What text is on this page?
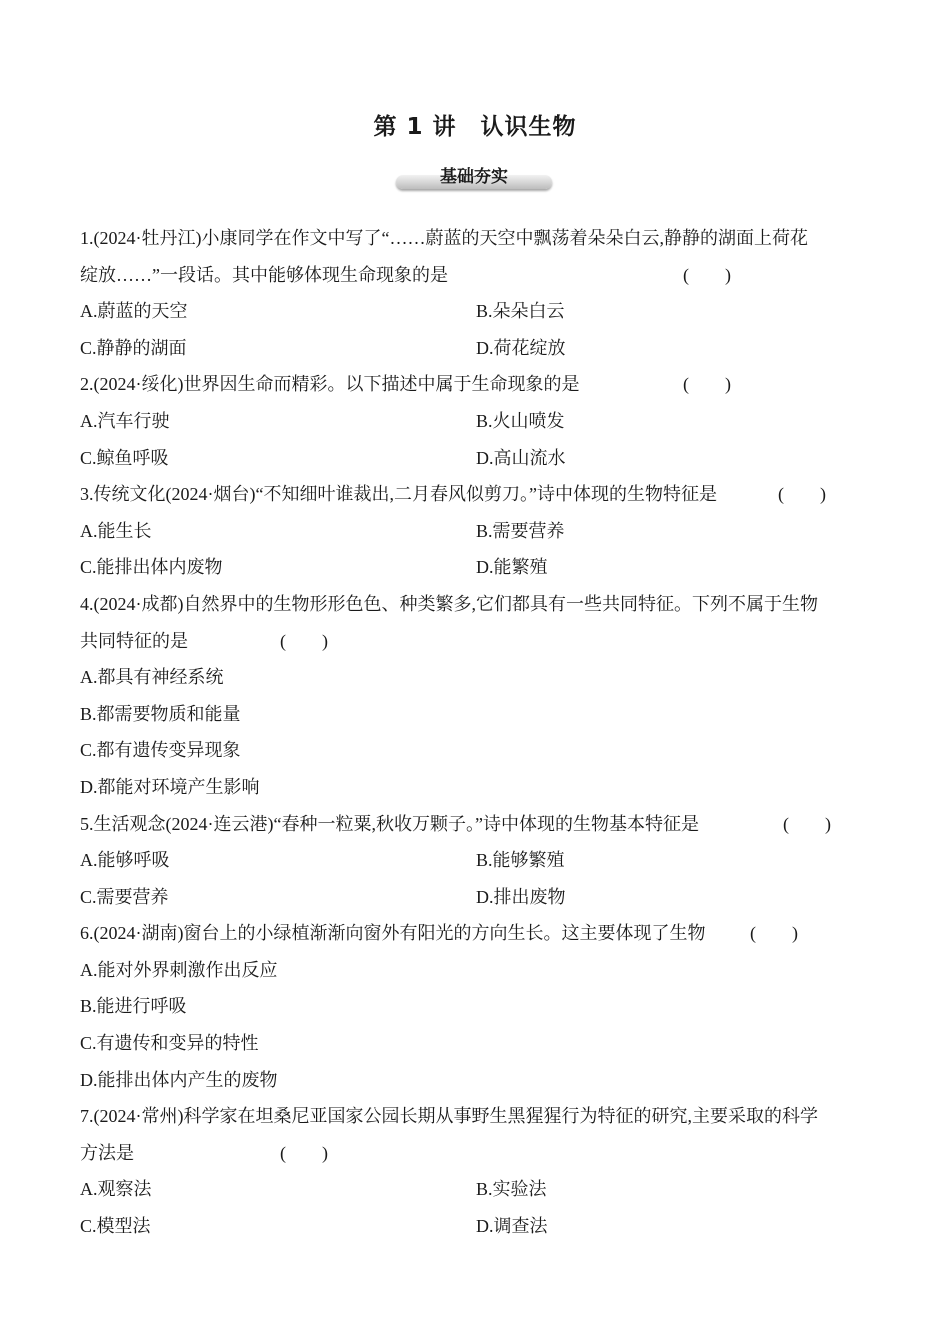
第 1 讲　认识生物
基础夯实
1.(2024·牡丹江)小康同学在作文中写了“……蔚蓝的天空中飘荡着朵朵白云,静静的湖面上荷花
绽放……”一段话。其中能够体现生命现象的是	(　　)
A.蔚蓝的天空	B.朵朵白云
C.静静的湖面	D.荷花绽放
2.(2024·绥化)世界因生命而精彩。以下描述中属于生命现象的是	(　　)
A.汽车行驶	B.火山喷发
C.鲸鱼呼吸	D.高山流水
3.传统文化(2024·烟台)“不知细叶谁裁出,二月春风似剪刀。”诗中体现的生物特征是	(　　)
A.能生长	B.需要营养
C.能排出体内废物	D.能繁殖
4.(2024·成都)自然界中的生物形形色色、种类繁多,它们都具有一些共同特征。下列不属于生物
共同特征的是	(　　)
A.都具有神经系统
B.都需要物质和能量
C.都有遗传变异现象
D.都能对环境产生影响
5.生活观念(2024·连云港)“春种一粒粟,秋收万颗子。”诗中体现的生物基本特征是	(　　)
A.能够呼吸	B.能够繁殖
C.需要营养	D.排出废物
6.(2024·湖南)窗台上的小绿植渐渐向窗外有阳光的方向生长。这主要体现了生物 (　　)
A.能对外界刺激作出反应
B.能进行呼吸
C.有遗传和变异的特性
D.能排出体内产生的废物
7.(2024·常州)科学家在坦桑尼亚国家公园长期从事野生黑猩猩行为特征的研究,主要采取的科学
方法是	(　　)
A.观察法	B.实验法
C.模型法	D.调查法
